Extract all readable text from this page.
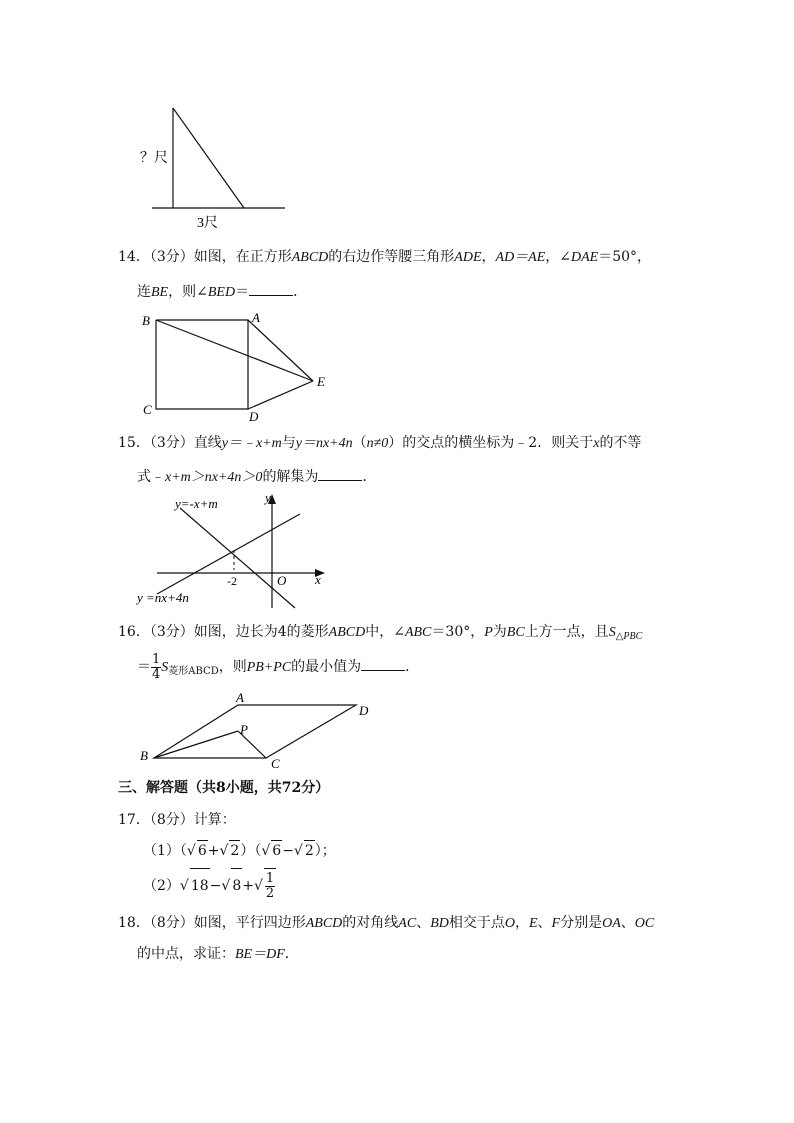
？尺
3尺
14．（3分）如图，在正方形ABCD的右边作等腰三角形ADE，AD＝AE，∠DAE＝50°，
连BE，则∠BED＝	．
B	A
E
C	D
15．（3分）直线y＝﹣x+m与y＝nx+4n（n≠0）的交点的横坐标为﹣2．则关于x的不等
式﹣x+m＞nx+4n＞0的解集为	．
y=-x+m
y =nx+4n
-2	O x
y
16．（3分）如图，边长为4的菱形ABCD中，∠ABC＝30°，P为BC上方一点，且$S_{\triangle PBC}$
＝ $\frac{1}{4} S_{菱形ABCD}$，则PB+PC的最小值为	．
A
D
P
B
C
三、解答题（共8小题，共72分）
17．（8分）计算：
（1）（√ 6+√ 2）（√ 6−√ 2）；
（2）√ 18−√ $8+√ \frac{1}{2}$
18．（8分）如图，平行四边形ABCD的对角线AC、BD相交于点O，E、F分别是OA、OC
的中点，求证：BE＝DF．
